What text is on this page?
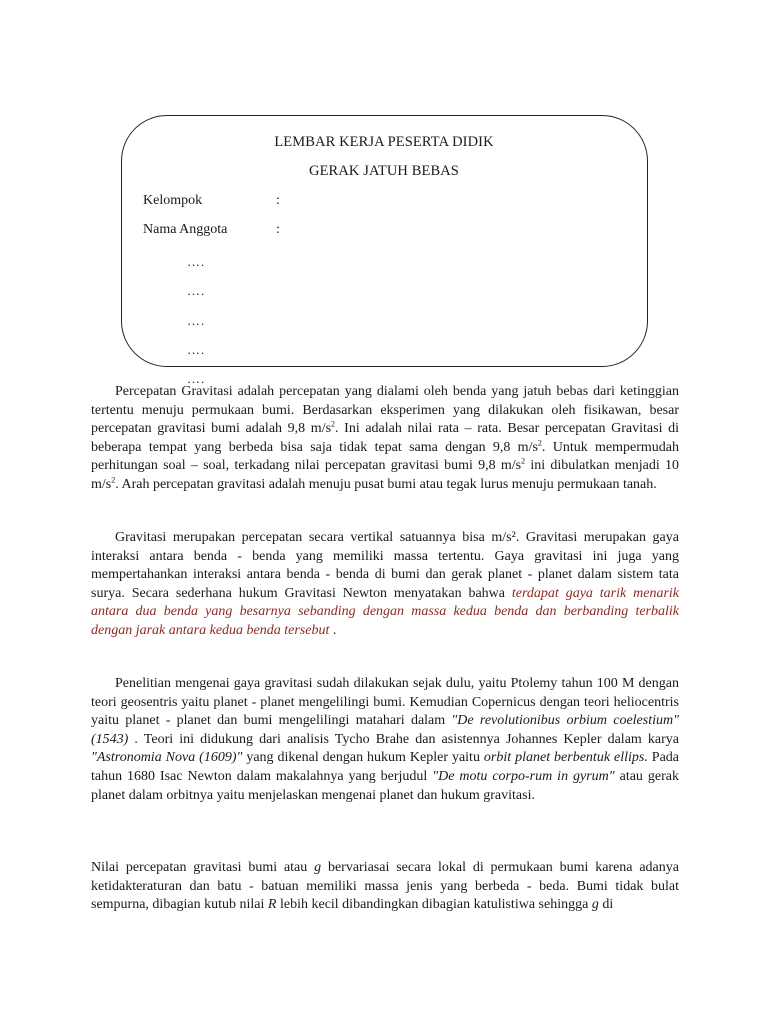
LEMBAR KERJA PESERTA DIDIK
GERAK JATUH BEBAS
Kelompok	:
Nama Anggota	:
….
….
….
….
….

Percepatan Gravitasi adalah percepatan yang dialami oleh benda yang jatuh bebas dari ketinggian tertentu menuju permukaan bumi. Berdasarkan eksperimen yang dilakukan oleh fisikawan, besar percepatan gravitasi bumi adalah 9,8 $m/s^2$. Ini adalah nilai rata – rata. Besar percepatan Gravitasi di beberapa tempat yang berbeda bisa saja tidak tepat sama dengan 9,8 $m/s^2$. Untuk mempermudah perhitungan soal – soal, terkadang nilai percepatan gravitasi bumi 9,8 $m/s^2$ ini dibulatkan menjadi 10 $m/s^2$. Arah percepatan gravitasi adalah menuju pusat bumi atau tegak lurus menuju permukaan tanah.

Gravitasi merupakan percepatan secara vertikal satuannya bisa m/s². Gravitasi merupakan gaya interaksi antara benda - benda yang memiliki massa tertentu. Gaya gravitasi ini juga yang mempertahankan interaksi antara benda - benda di bumi dan gerak planet - planet dalam sistem tata surya. Secara sederhana hukum Gravitasi Newton menyatakan bahwa terdapat gaya tarik menarik antara dua benda yang besarnya sebanding dengan massa kedua benda dan berbanding terbalik dengan jarak antara kedua benda tersebut .

Penelitian mengenai gaya gravitasi sudah dilakukan sejak dulu, yaitu Ptolemy tahun 100 M dengan teori geosentris yaitu planet - planet mengelilingi bumi. Kemudian Copernicus dengan teori heliocentris yaitu planet - planet dan bumi mengelilingi matahari dalam "De revolutionibus orbium coelestium" (1543) . Teori ini didukung dari analisis Tycho Brahe dan asistennya Johannes Kepler dalam karya "Astronomia Nova (1609)" yang dikenal dengan hukum Kepler yaitu orbit planet berbentuk ellips. Pada tahun 1680 Isac Newton dalam makalahnya yang berjudul "De motu corpo-rum in gyrum" atau gerak planet dalam orbitnya yaitu menjelaskan mengenai planet dan hukum gravitasi.

Nilai percepatan gravitasi bumi atau g bervariasai secara lokal di permukaan bumi karena adanya ketidakteraturan dan batu - batuan memiliki massa jenis yang berbeda - beda. Bumi tidak bulat sempurna, dibagian kutub nilai R lebih kecil dibandingkan dibagian katulistiwa sehingga g di
